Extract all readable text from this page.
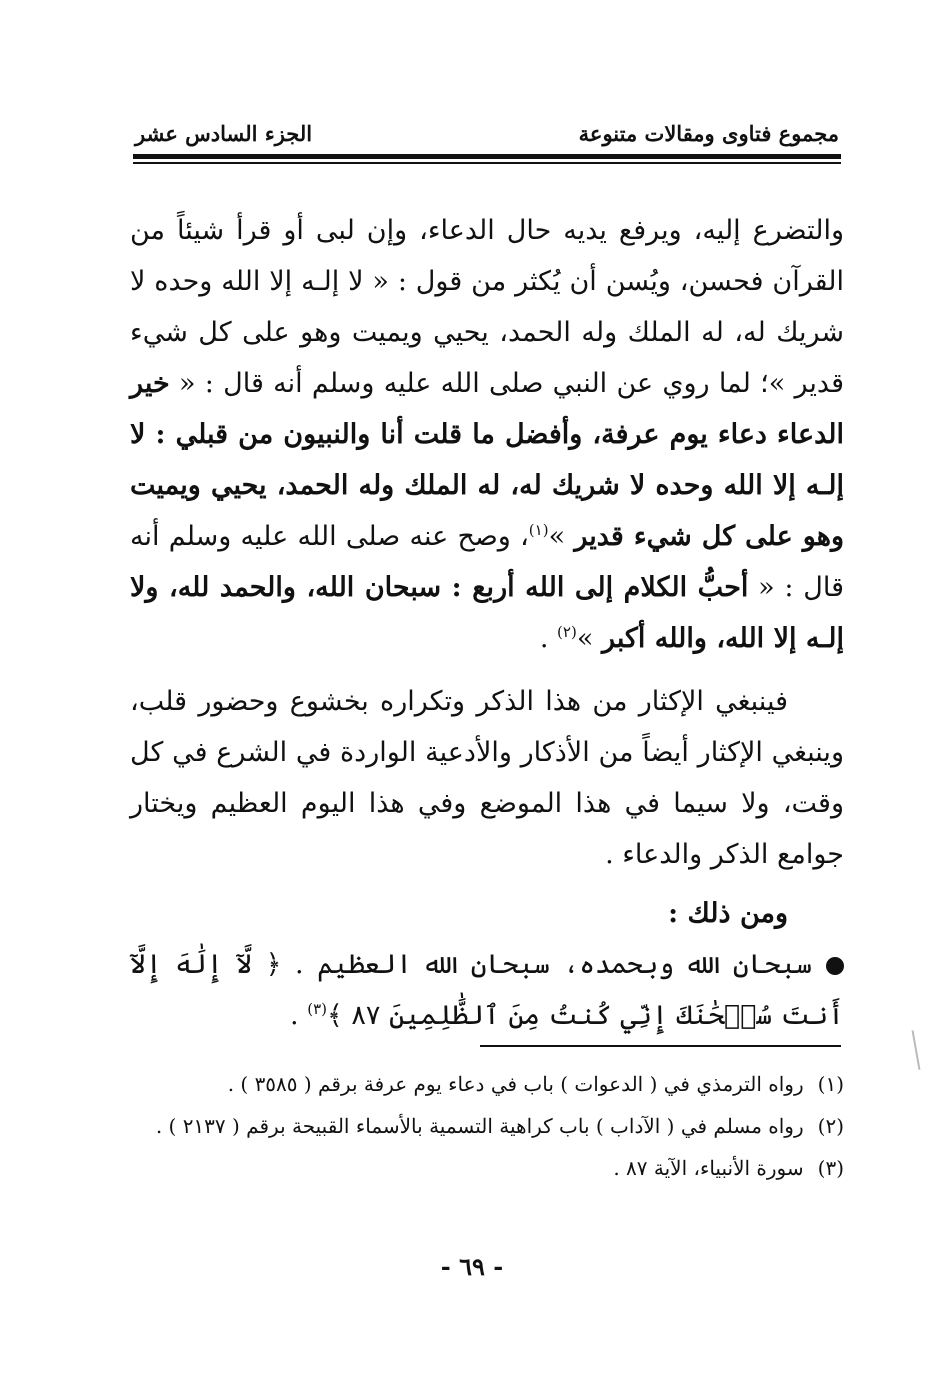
مجموع فتاوى ومقالات متنوعة
الجزء السادس عشر

والتضرع إليه، ويرفع يديه حال الدعاء، وإن لبى أو قرأ شيئاً من القرآن فحسن، ويُسن أن يُكثر من قول : « لا إلـه إلا الله وحده لا شريك له، له الملك وله الحمد، يحيي ويميت وهو على كل شيء قدير »؛ لما روي عن النبي صلى الله عليه وسلم أنه قال : « خير الدعاء دعاء يوم عرفة، وأفضل ما قلت أنا والنبيون من قبلي : لا إلـه إلا الله وحده لا شريك له، له الملك وله الحمد، يحيي ويميت وهو على كل شيء قدير »$^{(١)}$، وصح عنه صلى الله عليه وسلم أنه قال : « أحبُّ الكلام إلى الله أربع : سبحان الله، والحمد لله، ولا إلـه إلا الله، والله أكبر »$^{(٢)}$ .

فينبغي الإكثار من هذا الذكر وتكراره بخشوع وحضور قلب، وينبغي الإكثار أيضاً من الأذكار والأدعية الواردة في الشرع في كل وقت، ولا سيما في هذا الموضع وفي هذا اليوم العظيم ويختار جوامع الذكر والدعاء .

ومن ذلك :

سبحان الله وبحمده، سبحان الله العظيم . ﴿ لَّآ إِلَٰهَ إِلَّآ أَنتَ سُبۡحَٰنَكَ إِنِّي كُنتُ مِنَ ٱلظَّٰلِمِينَ ٨٧ ﴾$^{(٣)}$ .

(١)
رواه الترمذي في ( الدعوات ) باب في دعاء يوم عرفة برقم ( ٣٥٨٥ ) .
(٢)
رواه مسلم في ( الآداب ) باب كراهية التسمية بالأسماء القبيحة برقم ( ٢١٣٧ ) .
(٣)
سورة الأنبياء، الآية ٨٧ .
- ٦٩ -
